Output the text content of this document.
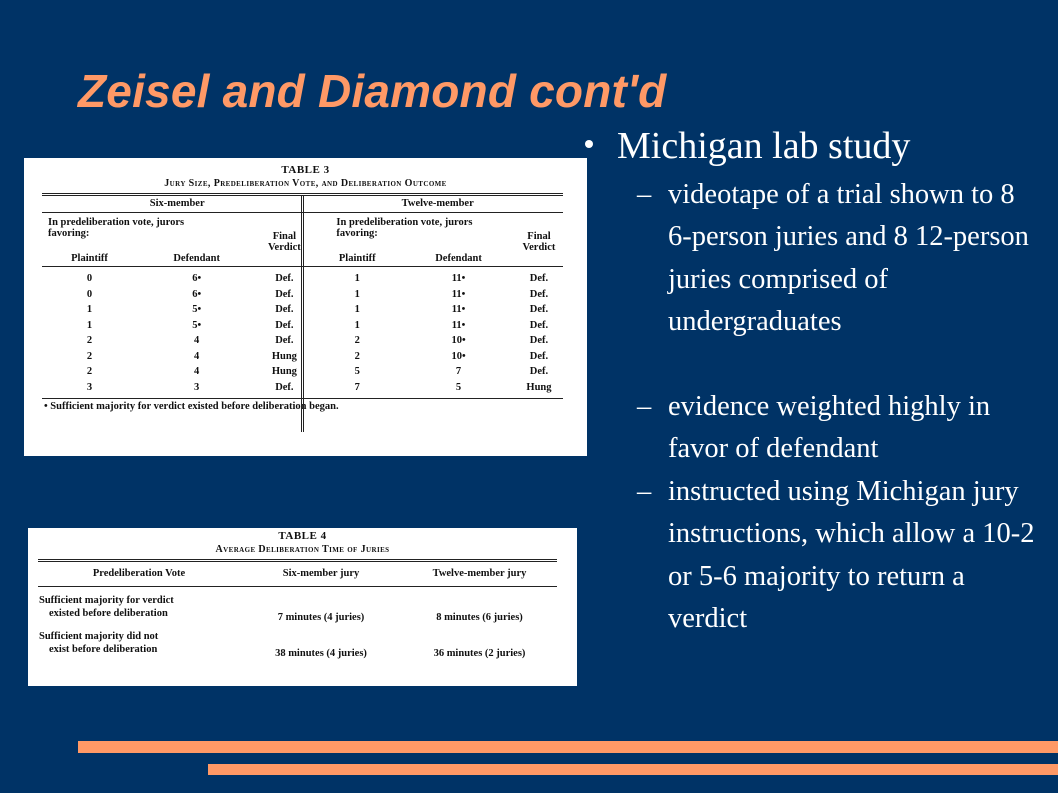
Zeisel and Diamond cont'd
TABLE 3
Jury Size, Predeliberation Vote, and Deliberation Outcome
Six-member			Twelve-member		

In predeliberation vote, jurors favoring:		Final Verdict	In predeliberation vote, jurors favoring:		Final Verdict
Plaintiff	Defendant		Plaintiff	Defendant	

0	6•	Def.	1	11•	Def.
0	6•	Def.	1	11•	Def.
1	5•	Def.	1	11•	Def.
1	5•	Def.	1	11•	Def.
2	4	Def.	2	10•	Def.
2	4	Hung	2	10•	Def.
2	4	Hung	5	7	Def.
3	3	Def.	7	5	Hung
• Sufficient majority for verdict existed before deliberation began.
TABLE 4
Average Deliberation Time of Juries
Predeliberation Vote	Six-member jury	Twelve-member jury

Sufficient majority for verdict
existed before deliberation	7 minutes (4 juries)	8 minutes (6 juries)

Sufficient majority did not
exist before deliberation	38 minutes (4 juries)	36 minutes (2 juries)
Michigan lab study
– videotape of a trial shown to 8 6-person juries and 8 12-person juries comprised of undergraduates
– evidence weighted highly in favor of defendant
– instructed using Michigan jury instructions, which allow a 10-2 or 5-6 majority to return a verdict
